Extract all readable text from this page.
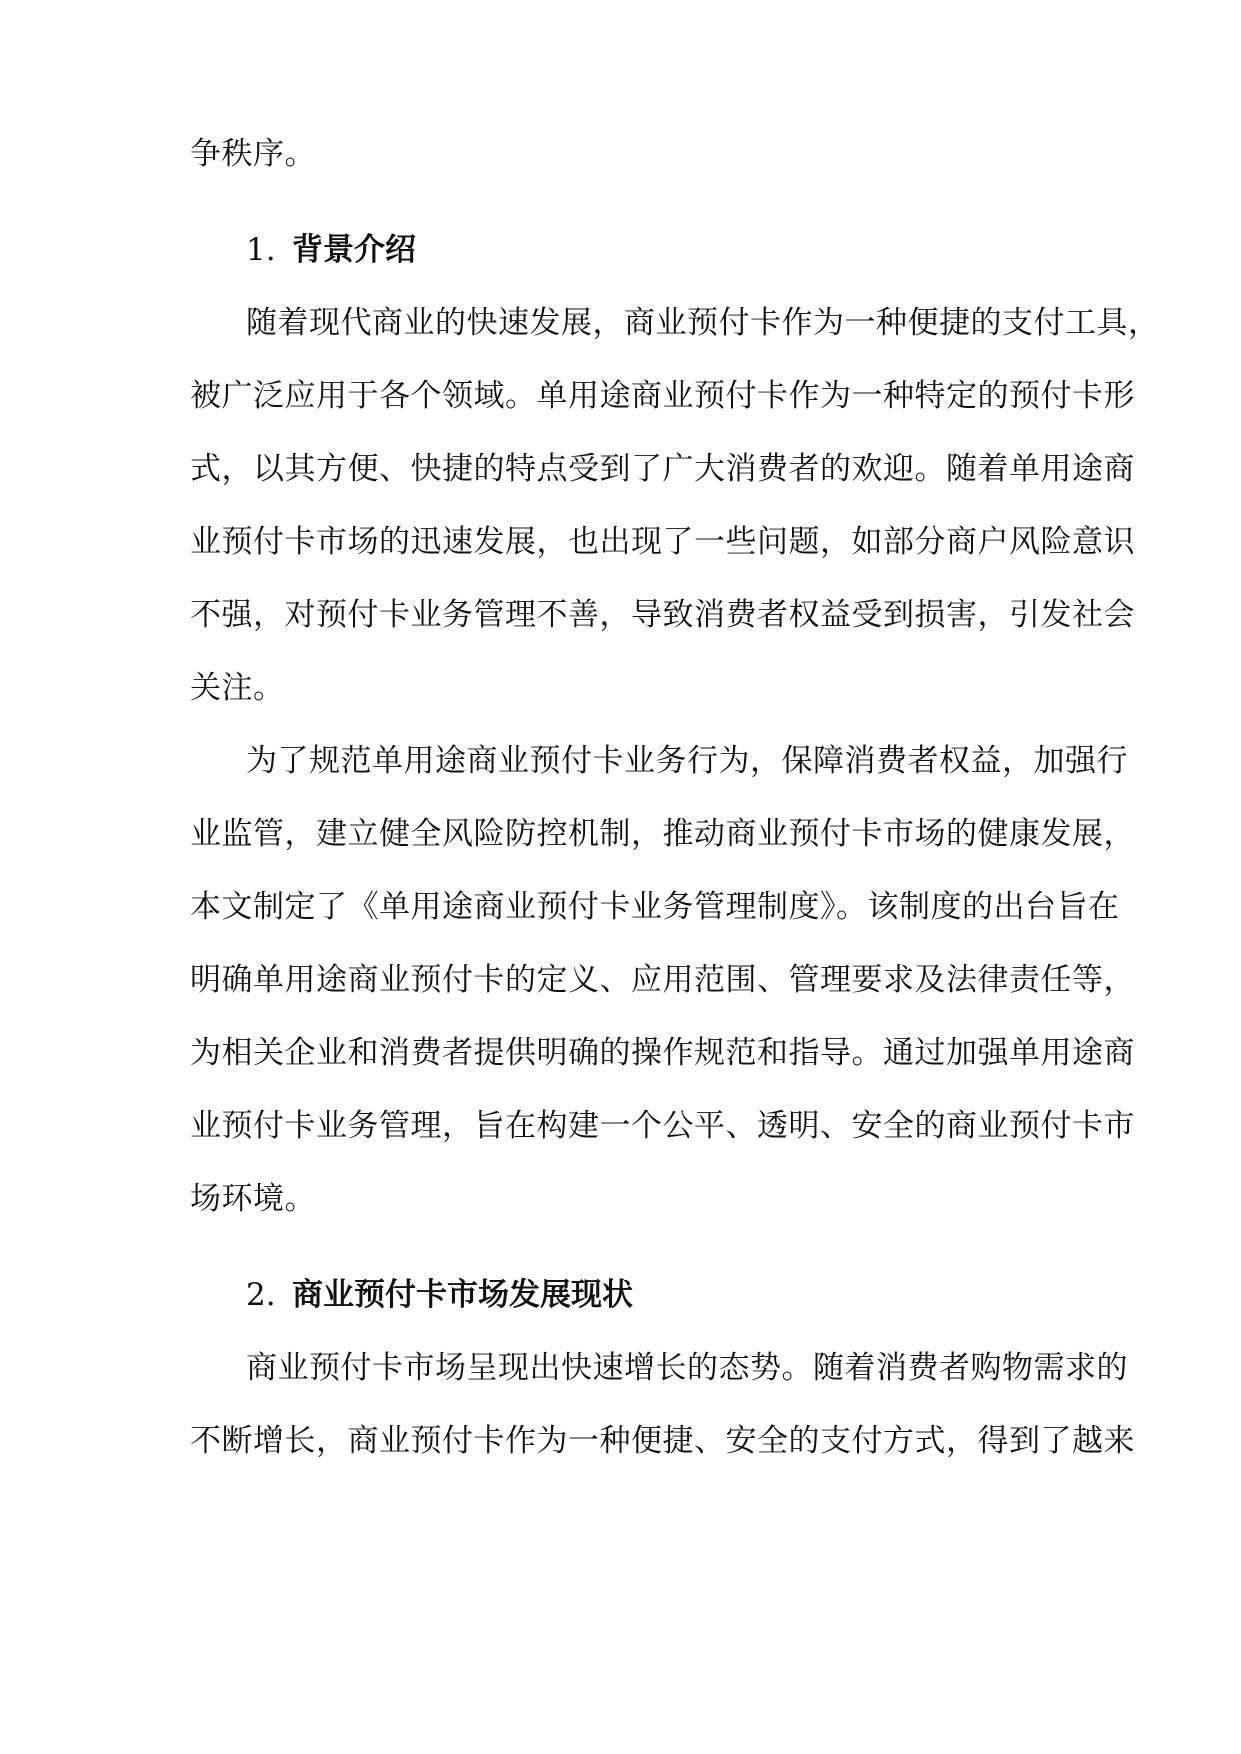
争秩序。
1. 背景介绍
随着现代商业的快速发展，商业预付卡作为一种便捷的支付工具，
被广泛应用于各个领域。单用途商业预付卡作为一种特定的预付卡形
式，以其方便、快捷的特点受到了广大消费者的欢迎。随着单用途商
业预付卡市场的迅速发展，也出现了一些问题，如部分商户风险意识
不强，对预付卡业务管理不善，导致消费者权益受到损害，引发社会
关注。
为了规范单用途商业预付卡业务行为，保障消费者权益，加强行
业监管，建立健全风险防控机制，推动商业预付卡市场的健康发展，
本文制定了《单用途商业预付卡业务管理制度》。该制度的出台旨在
明确单用途商业预付卡的定义、应用范围、管理要求及法律责任等，
为相关企业和消费者提供明确的操作规范和指导。通过加强单用途商
业预付卡业务管理，旨在构建一个公平、透明、安全的商业预付卡市
场环境。
2. 商业预付卡市场发展现状
商业预付卡市场呈现出快速增长的态势。随着消费者购物需求的
不断增长，商业预付卡作为一种便捷、安全的支付方式，得到了越来
